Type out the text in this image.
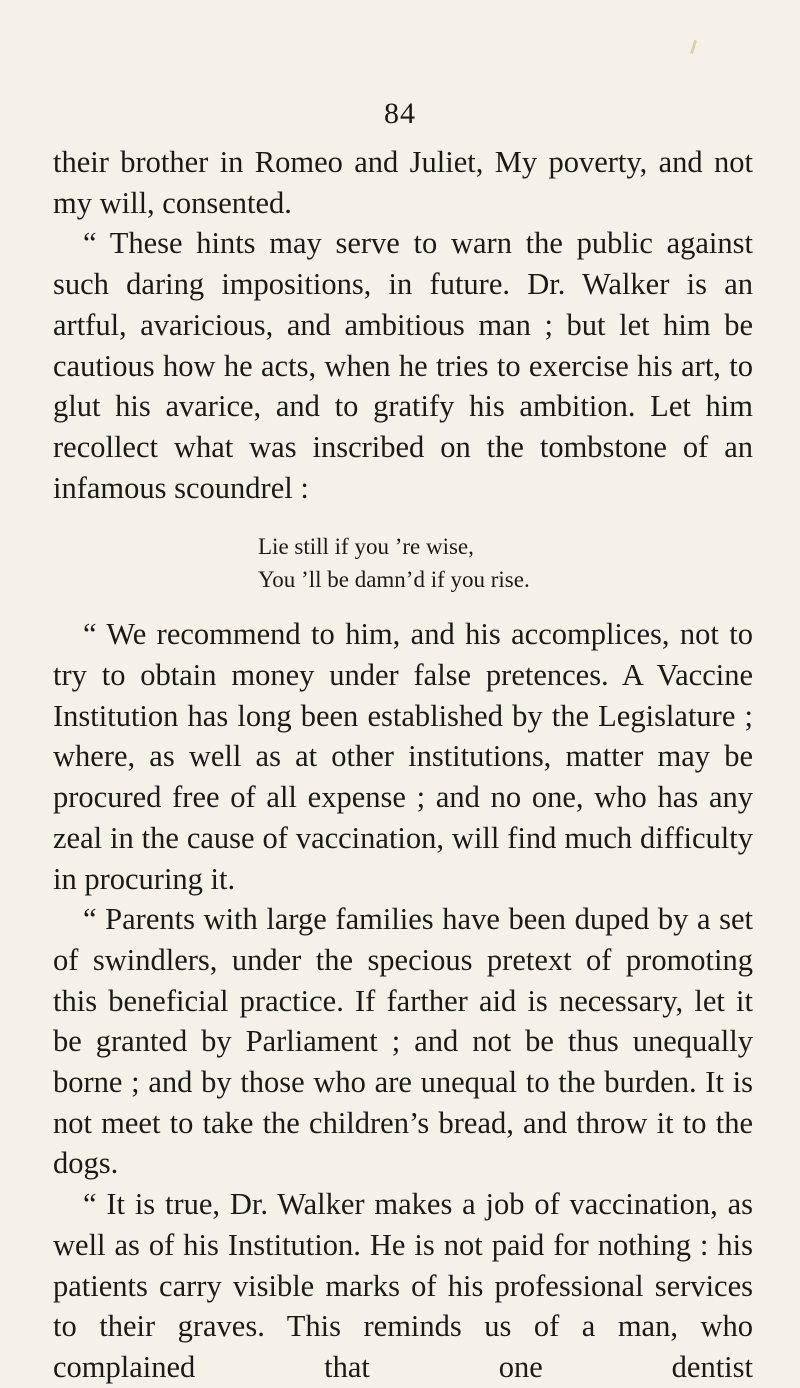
84

their brother in Romeo and Juliet, My poverty, and not my will, consented.

“ These hints may serve to warn the public against such daring impositions, in future. Dr. Walker is an artful, avaricious, and ambitious man ; but let him be cautious how he acts, when he tries to exercise his art, to glut his avarice, and to gratify his ambition. Let him recollect what was inscribed on the tombstone of an infamous scoundrel :

Lie still if you ’re wise,
You ’ll be damn’d if you rise.

“ We recommend to him, and his accomplices, not to try to obtain money under false pretences. A Vaccine Institution has long been established by the Legislature ; where, as well as at other institutions, matter may be procured free of all expense ; and no one, who has any zeal in the cause of vaccination, will find much difficulty in procuring it.

“ Parents with large families have been duped by a set of swindlers, under the specious pretext of promoting this beneficial practice. If farther aid is necessary, let it be granted by Parliament ; and not be thus unequally borne ; and by those who are unequal to the burden. It is not meet to take the children’s bread, and throw it to the dogs.

“ It is true, Dr. Walker makes a job of vaccination, as well as of his Institution. He is not paid for nothing : his patients carry visible marks of his professional services to their graves. This reminds us of a man, who complained that one dentist
